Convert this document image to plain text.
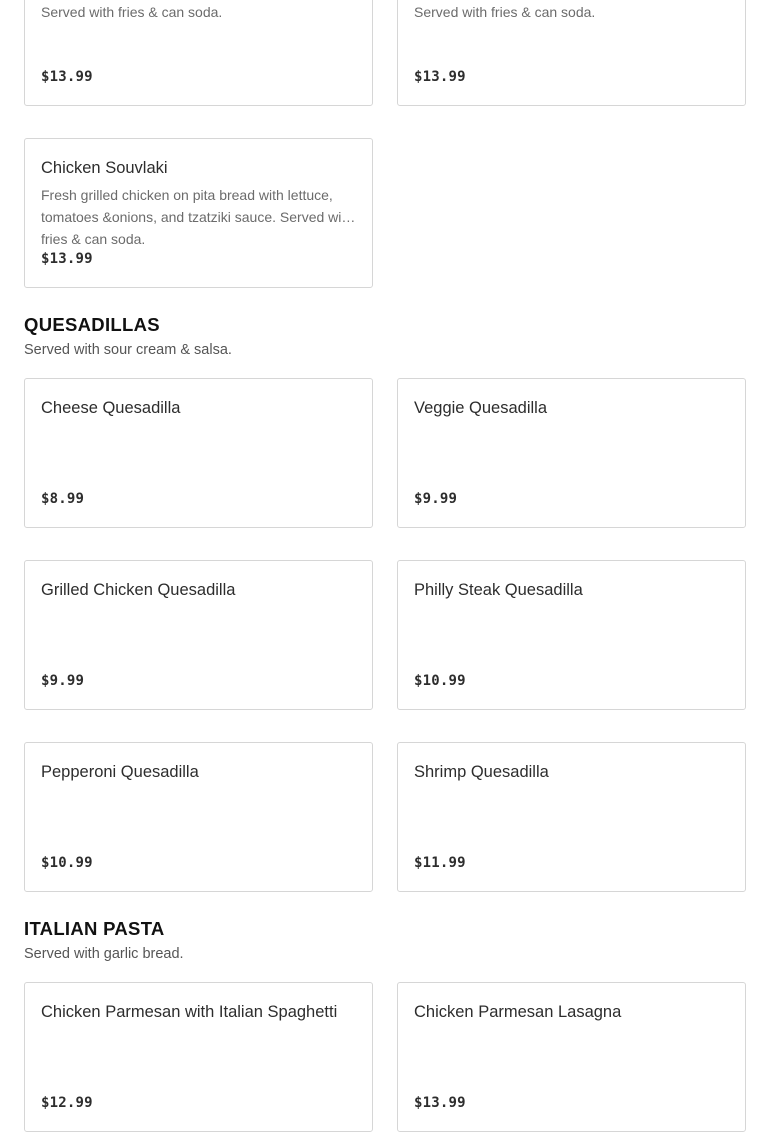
Served with fries & can soda.
$13.99
Served with fries & can soda.
$13.99
Chicken Souvlaki
Fresh grilled chicken on pita bread with lettuce, tomatoes &onions, and tzatziki sauce. Served with fries & can soda.
$13.99
QUESADILLAS
Served with sour cream & salsa.
Cheese Quesadilla
$8.99
Veggie Quesadilla
$9.99
Grilled Chicken Quesadilla
$9.99
Philly Steak Quesadilla
$10.99
Pepperoni Quesadilla
$10.99
Shrimp Quesadilla
$11.99
ITALIAN PASTA
Served with garlic bread.
Chicken Parmesan with Italian Spaghetti
$12.99
Chicken Parmesan Lasagna
$13.99
